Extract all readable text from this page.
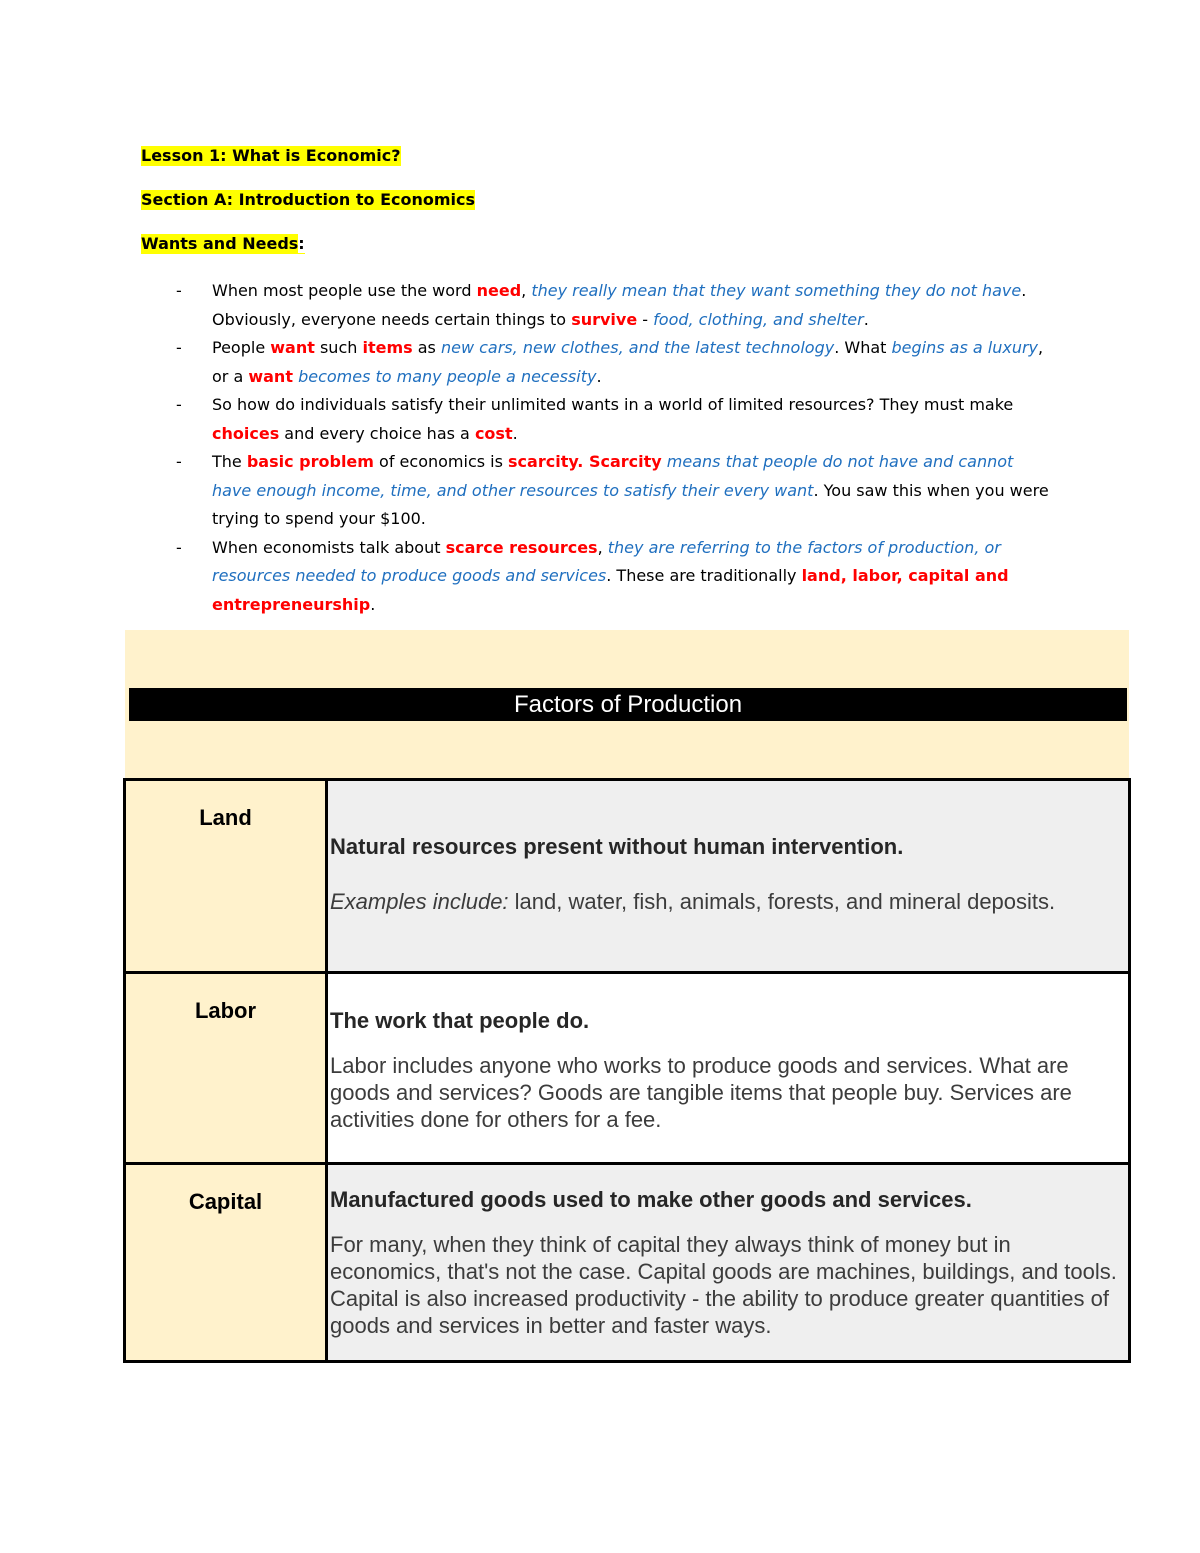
Lesson 1: What is Economic?
Section A: Introduction to Economics
Wants and Needs:
- When most people use the word need, they really mean that they want something they do not have. Obviously, everyone needs certain things to survive - food, clothing, and shelter.
- People want such items as new cars, new clothes, and the latest technology. What begins as a luxury, or a want becomes to many people a necessity.
- So how do individuals satisfy their unlimited wants in a world of limited resources? They must make choices and every choice has a cost.
- The basic problem of economics is scarcity. Scarcity means that people do not have and cannot have enough income, time, and other resources to satisfy their every want. You saw this when you were trying to spend your $100.
- When economists talk about scarce resources, they are referring to the factors of production, or resources needed to produce goods and services. These are traditionally land, labor, capital and entrepreneurship.
Factors of Production
Land	Natural resources present without human intervention.

Examples include: land, water, fish, animals, forests, and mineral deposits.

Labor	The work that people do.

Labor includes anyone who works to produce goods and services. What are goods and services? Goods are tangible items that people buy. Services are activities done for others for a fee.

Capital	Manufactured goods used to make other goods and services.

For many, when they think of capital they always think of money but in economics, that's not the case. Capital goods are machines, buildings, and tools. Capital is also increased productivity - the ability to produce greater quantities of goods and services in better and faster ways.
